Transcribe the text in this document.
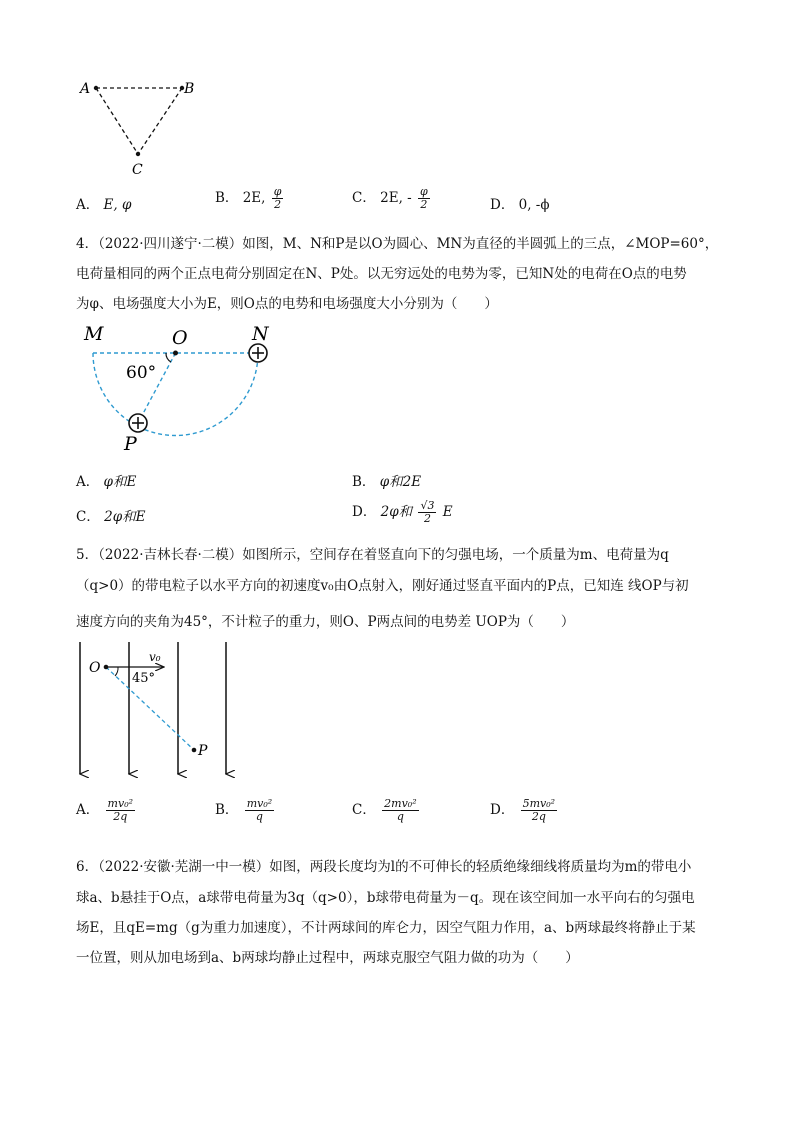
A	B
C
A． E, φ	B． 2E, $\frac{\varphi}{2}$	C． 2E, - $\frac{\varphi}{2}$	D． 0, -ϕ
4．（2022·四川遂宁·二模）如图，M、N和P是以O为圆心、MN为直径的半圆弧上的三点，∠MOP=60°，
电荷量相同的两个正点电荷分别固定在N、P处。以无穷远处的电势为零，已知N处的电荷在O点的电势
为φ、电场强度大小为E，则O点的电势和电场强度大小分别为（　　）
M	O	N
P
60°
A． φ和E	B． φ和2E
C． 2φ和E	D． 2φ和 $\frac{√3}{2}$ E
5．（2022·吉林长春·二模）如图所示，空间存在着竖直向下的匀强电场，一个质量为m、电荷量为q
（q>0）的带电粒子以水平方向的初速度v₀由O点射入，刚好通过竖直平面内的P点，已知连 线OP与初
速度方向的夹角为45°，不计粒子的重力，则O、P两点间的电势差 UOP为（　　）
O
P
v₀
45°
A． $\frac{\text{mv₀²}}{2q}$	B． $\frac{\text{mv₀²}}{q}$	C． $\frac{\text{2mv₀²}}{q}$	D． $\frac{\text{5mv₀²}}{2q}$
6．（2022·安徽·芜湖一中一模）如图，两段长度均为l的不可伸长的轻质绝缘细线将质量均为m的带电小
球a、b悬挂于O点，a球带电荷量为3q（q>0），b球带电荷量为－q。现在该空间加一水平向右的匀强电
场E，且qE=mg（g为重力加速度），不计两球间的库仑力，因空气阻力作用，a、b两球最终将静止于某
一位置，则从加电场到a、b两球均静止过程中，两球克服空气阻力做的功为（　　）
